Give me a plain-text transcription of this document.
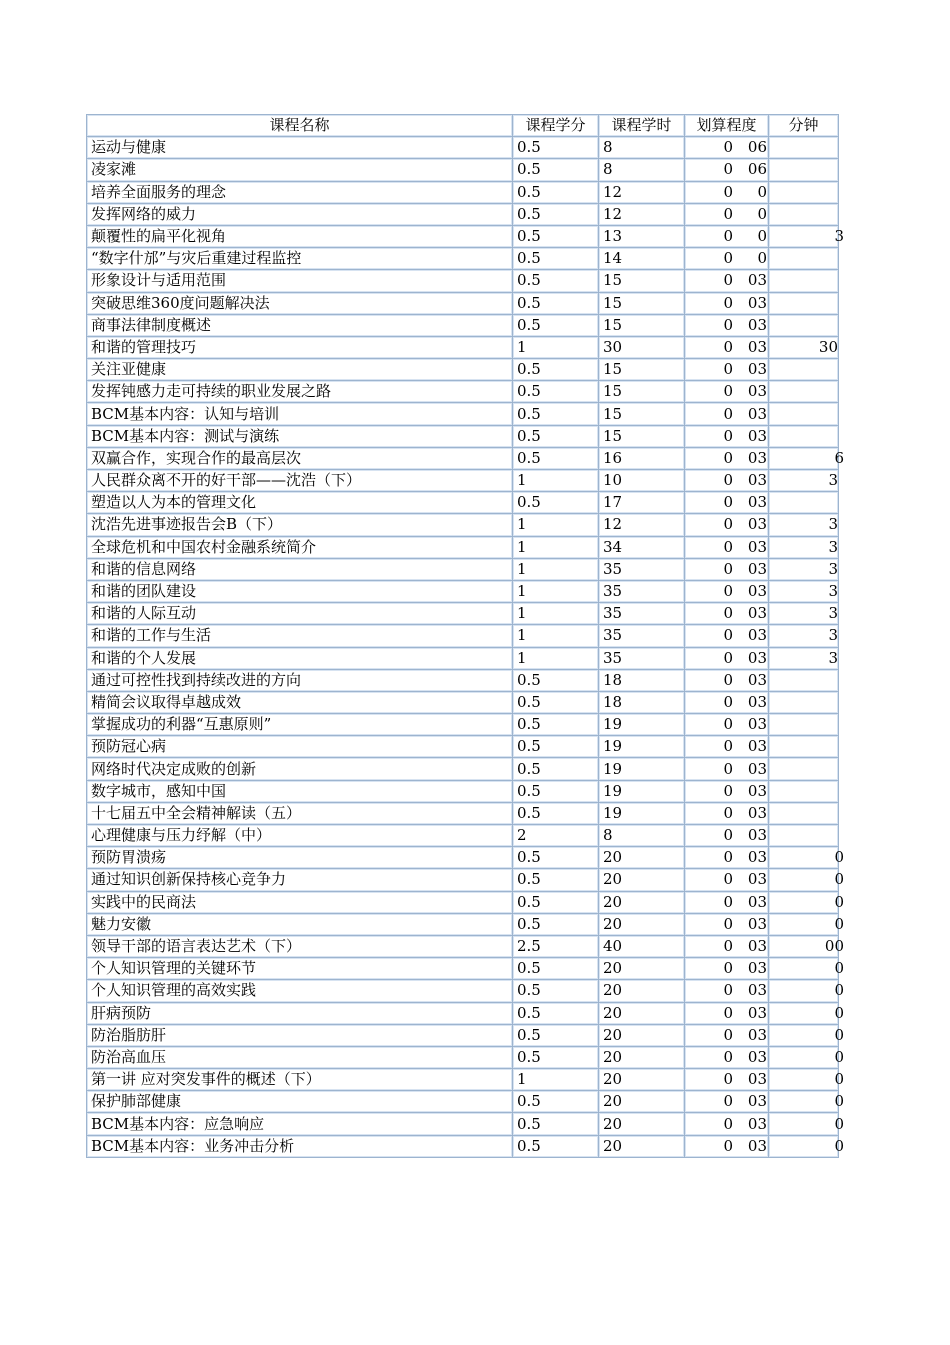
课程名称	课程学分	课程学时	划算程度	分钟
运动与健康	0.5	8	0 06	
凌家滩	0.5	8	0 06	
培养全面服务的理念	0.5	12	0 0	
发挥网络的威力	0.5	12	0 0	
颠覆性的扁平化视角	0.5	13	0 0	3
“数字什邡”与灾后重建过程监控	0.5	14	0 0	
形象设计与适用范围	0.5	15	0 03	
突破思维360度问题解决法	0.5	15	0 03	
商事法律制度概述	0.5	15	0 03	
和谐的管理技巧	1	30	0 03	30
关注亚健康	0.5	15	0 03	
发挥钝感力走可持续的职业发展之路	0.5	15	0 03	
BCM基本内容：认知与培训	0.5	15	0 03	
BCM基本内容：测试与演练	0.5	15	0 03	
双赢合作，实现合作的最高层次	0.5	16	0 03	6
人民群众离不开的好干部——沈浩（下）	1	10	0 03	3
塑造以人为本的管理文化	0.5	17	0 03	
沈浩先进事迹报告会B（下）	1	12	0 03	3
全球危机和中国农村金融系统简介	1	34	0 03	3
和谐的信息网络	1	35	0 03	3
和谐的团队建设	1	35	0 03	3
和谐的人际互动	1	35	0 03	3
和谐的工作与生活	1	35	0 03	3
和谐的个人发展	1	35	0 03	3
通过可控性找到持续改进的方向	0.5	18	0 03	
精简会议取得卓越成效	0.5	18	0 03	
掌握成功的利器“互惠原则”	0.5	19	0 03	
预防冠心病	0.5	19	0 03	
网络时代决定成败的创新	0.5	19	0 03	
数字城市，感知中国	0.5	19	0 03	
十七届五中全会精神解读（五）	0.5	19	0 03	
心理健康与压力纾解（中）	2	8	0 03	
预防胃溃疡	0.5	20	0 03	0
通过知识创新保持核心竞争力	0.5	20	0 03	0
实践中的民商法	0.5	20	0 03	0
魅力安徽	0.5	20	0 03	0
领导干部的语言表达艺术（下）	2.5	40	0 03	00
个人知识管理的关键环节	0.5	20	0 03	0
个人知识管理的高效实践	0.5	20	0 03	0
肝病预防	0.5	20	0 03	0
防治脂肪肝	0.5	20	0 03	0
防治高血压	0.5	20	0 03	0
第一讲 应对突发事件的概述（下）	1	20	0 03	0
保护肺部健康	0.5	20	0 03	0
BCM基本内容：应急响应	0.5	20	0 03	0
BCM基本内容：业务冲击分析	0.5	20	0 03	0
